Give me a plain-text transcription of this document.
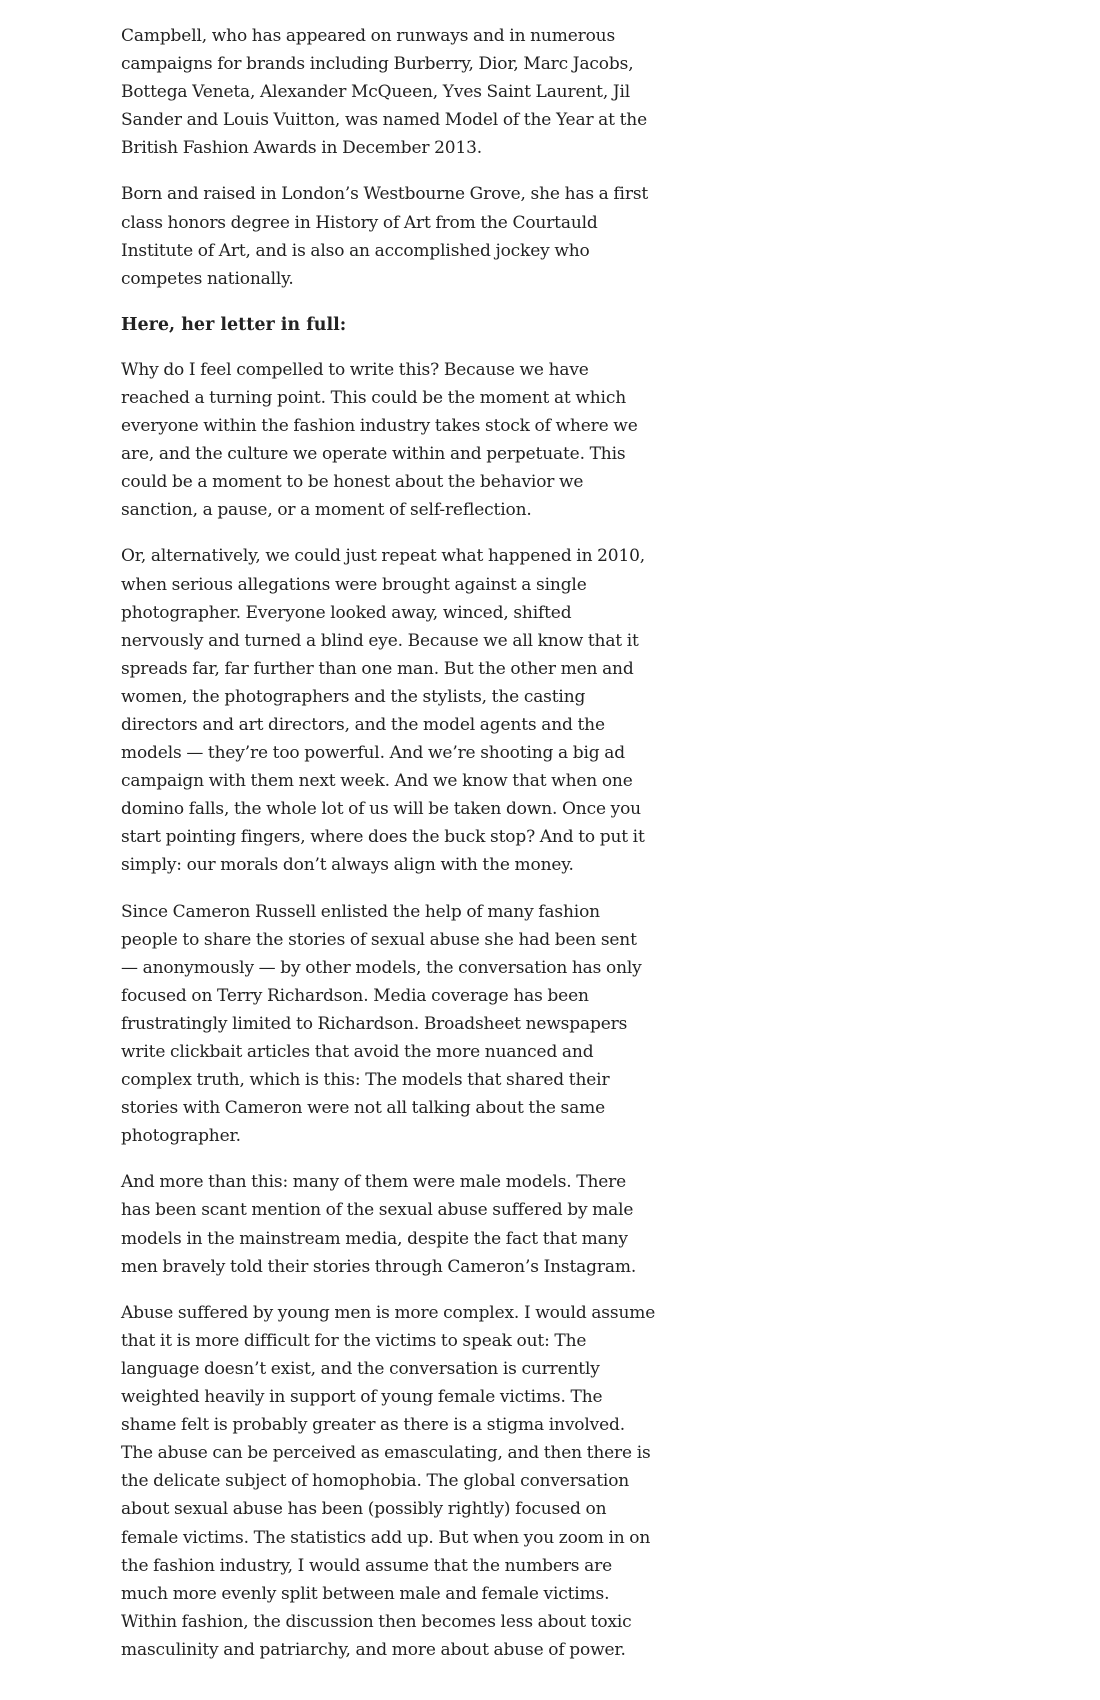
Campbell, who has appeared on runways and in numerous campaigns for brands including Burberry, Dior, Marc Jacobs, Bottega Veneta, Alexander McQueen, Yves Saint Laurent, Jil Sander and Louis Vuitton, was named Model of the Year at the British Fashion Awards in December 2013.

Born and raised in London’s Westbourne Grove, she has a first class honors degree in History of Art from the Courtauld Institute of Art, and is also an accomplished jockey who competes nationally.

Here, her letter in full:

Why do I feel compelled to write this? Because we have reached a turning point. This could be the moment at which everyone within the fashion industry takes stock of where we are, and the culture we operate within and perpetuate. This could be a moment to be honest about the behavior we sanction, a pause, or a moment of self-reflection.

Or, alternatively, we could just repeat what happened in 2010, when serious allegations were brought against a single photographer. Everyone looked away, winced, shifted nervously and turned a blind eye. Because we all know that it spreads far, far further than one man. But the other men and women, the photographers and the stylists, the casting directors and art directors, and the model agents and the models — they’re too powerful. And we’re shooting a big ad campaign with them next week. And we know that when one domino falls, the whole lot of us will be taken down. Once you start pointing fingers, where does the buck stop? And to put it simply: our morals don’t always align with the money.

Since Cameron Russell enlisted the help of many fashion people to share the stories of sexual abuse she had been sent — anonymously — by other models, the conversation has only focused on Terry Richardson. Media coverage has been frustratingly limited to Richardson. Broadsheet newspapers write clickbait articles that avoid the more nuanced and complex truth, which is this: The models that shared their stories with Cameron were not all talking about the same photographer.

And more than this: many of them were male models. There has been scant mention of the sexual abuse suffered by male models in the mainstream media, despite the fact that many men bravely told their stories through Cameron’s Instagram.

Abuse suffered by young men is more complex. I would assume that it is more difficult for the victims to speak out: The language doesn’t exist, and the conversation is currently weighted heavily in support of young female victims. The shame felt is probably greater as there is a stigma involved. The abuse can be perceived as emasculating, and then there is the delicate subject of homophobia. The global conversation about sexual abuse has been (possibly rightly) focused on female victims. The statistics add up. But when you zoom in on the fashion industry, I would assume that the numbers are much more evenly split between male and female victims. Within fashion, the discussion then becomes less about toxic masculinity and patriarchy, and more about abuse of power.
